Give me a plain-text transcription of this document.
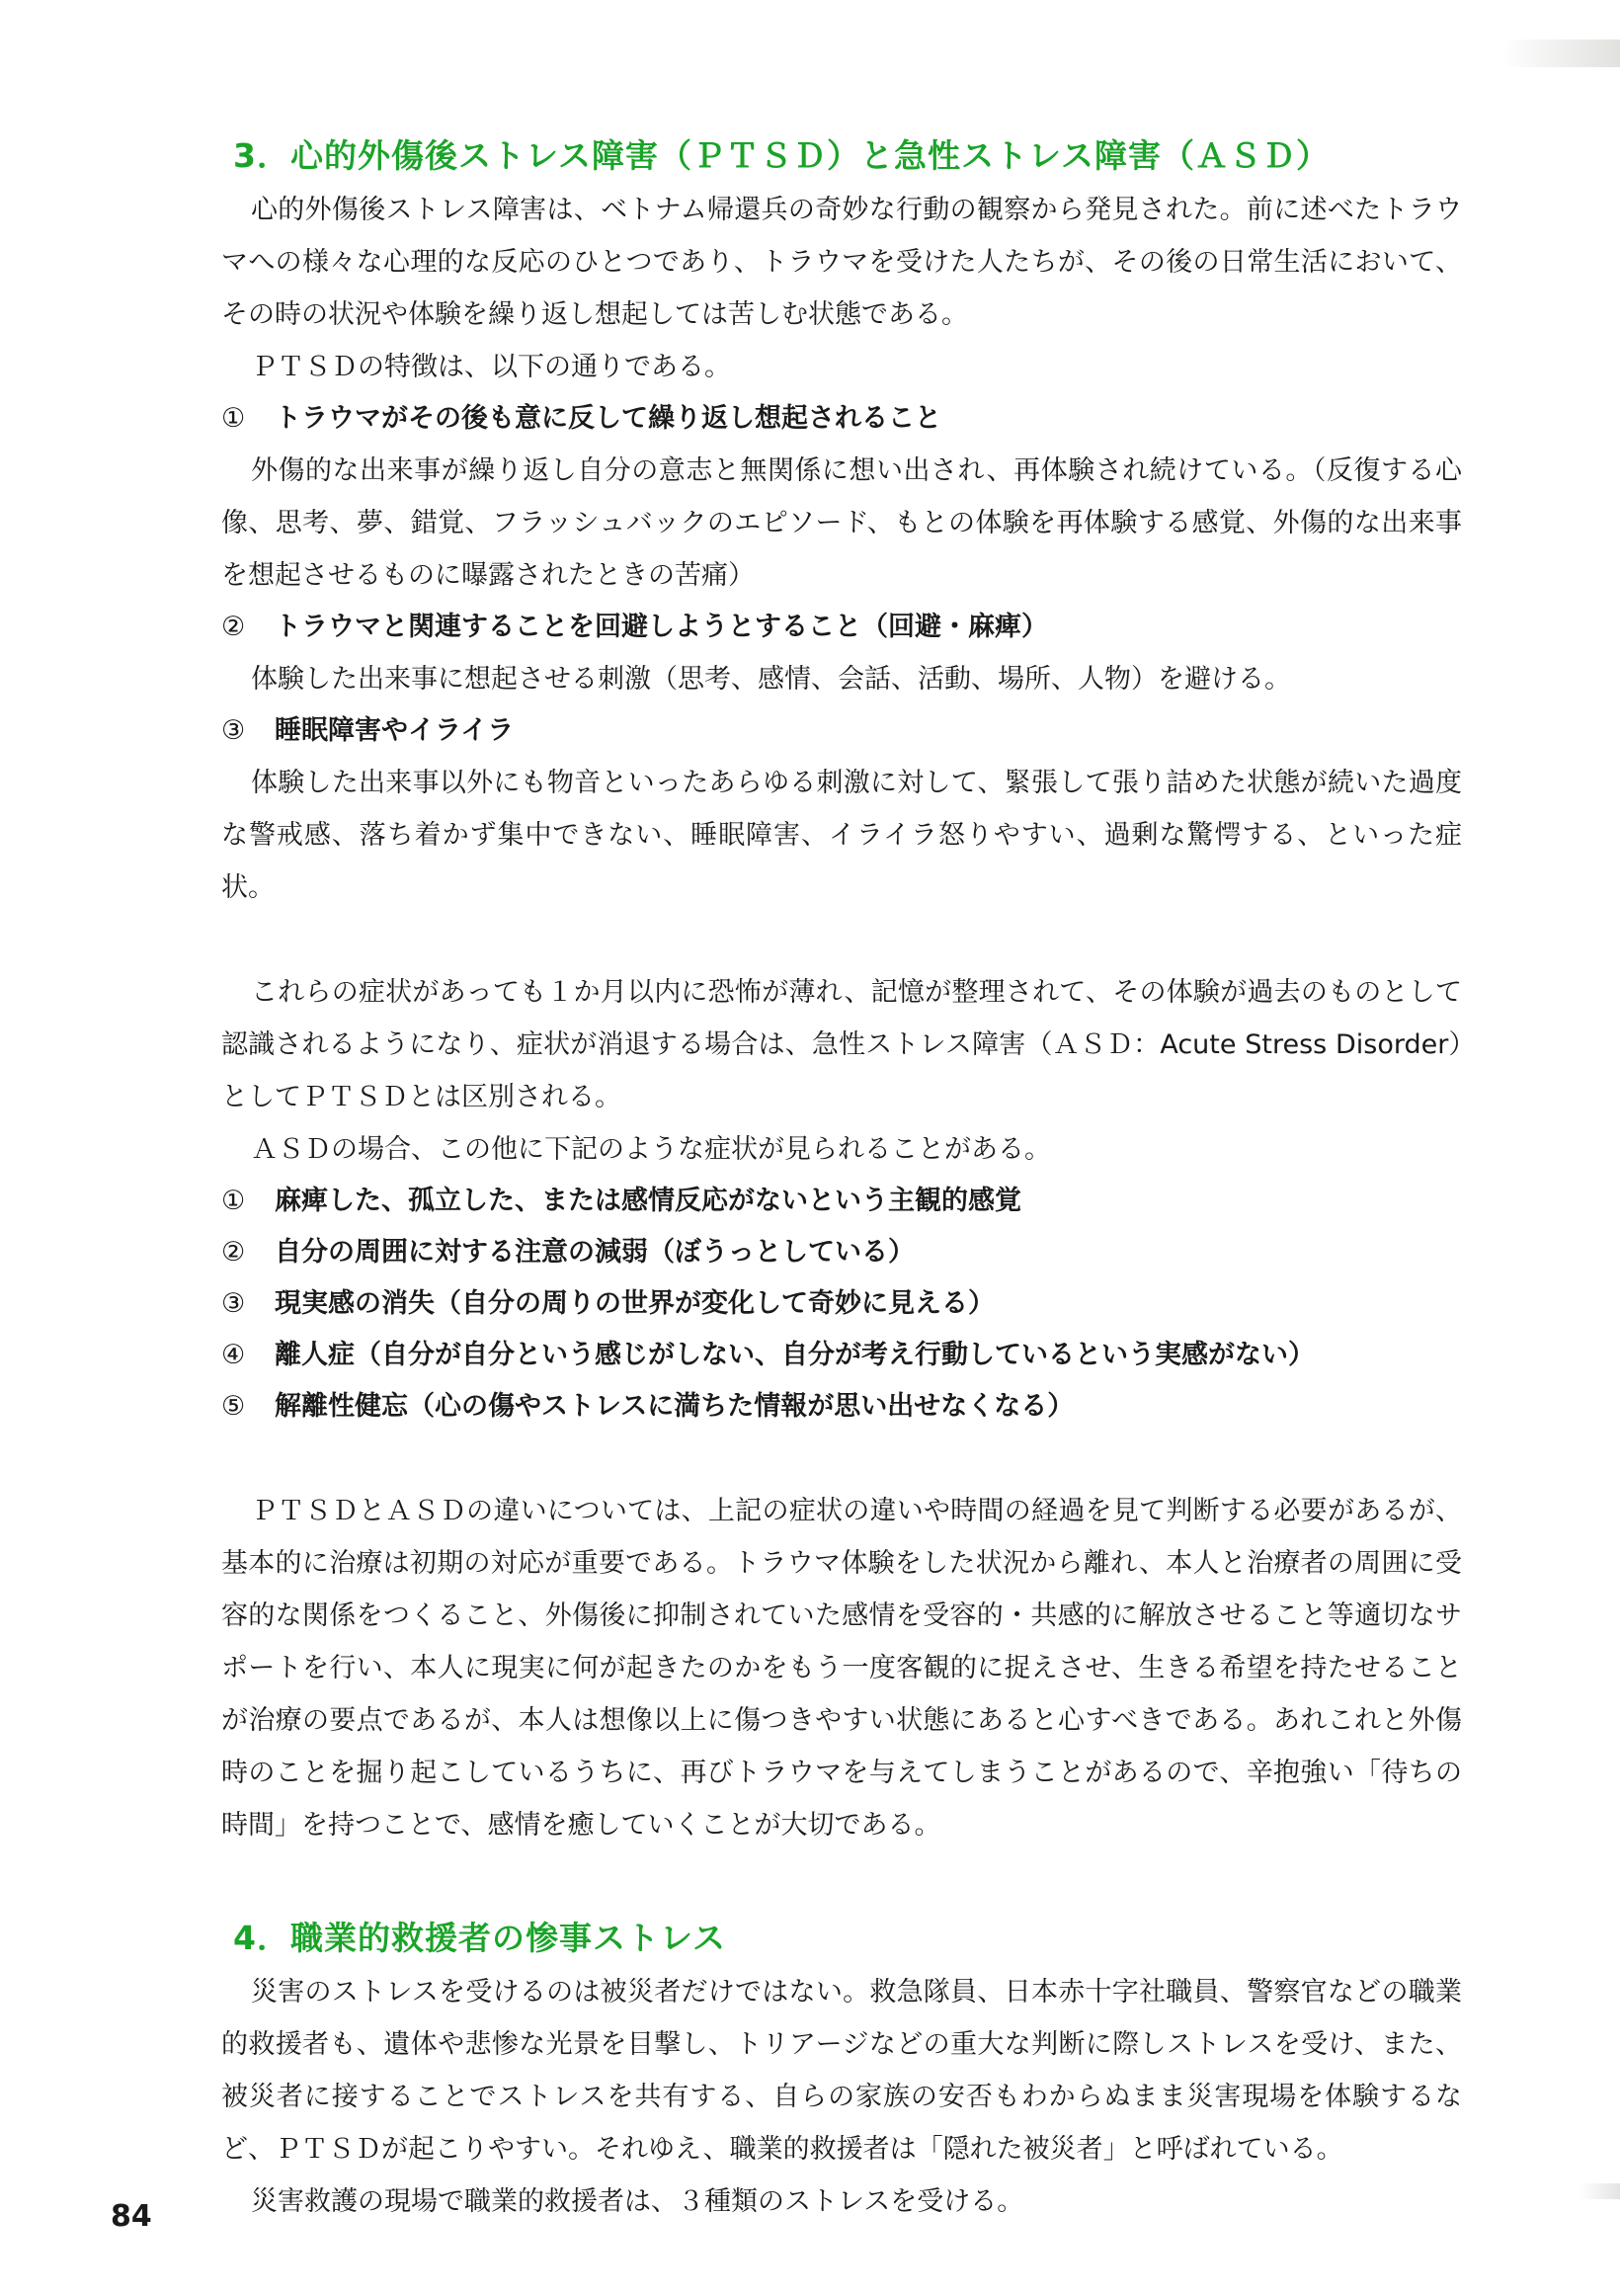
3．心的外傷後ストレス障害（ＰＴＳＤ）と急性ストレス障害（ＡＳＤ）

心的外傷後ストレス障害は、ベトナム帰還兵の奇妙な行動の観察から発見された。前に述べたトラウマへの様々な心理的な反応のひとつであり、トラウマを受けた人たちが、その後の日常生活において、その時の状況や体験を繰り返し想起しては苦しむ状態である。

ＰＴＳＤの特徴は、以下の通りである。

① トラウマがその後も意に反して繰り返し想起されること

外傷的な出来事が繰り返し自分の意志と無関係に想い出され、再体験され続けている。（反復する心像、思考、夢、錯覚、フラッシュバックのエピソード、もとの体験を再体験する感覚、外傷的な出来事を想起させるものに曝露されたときの苦痛）

② トラウマと関連することを回避しようとすること（回避・麻痺）

体験した出来事に想起させる刺激（思考、感情、会話、活動、場所、人物）を避ける。

③ 睡眠障害やイライラ

体験した出来事以外にも物音といったあらゆる刺激に対して、緊張して張り詰めた状態が続いた過度な警戒感、落ち着かず集中できない、睡眠障害、イライラ怒りやすい、過剰な驚愕する、といった症状。

これらの症状があっても１か月以内に恐怖が薄れ、記憶が整理されて、その体験が過去のものとして認識されるようになり、症状が消退する場合は、急性ストレス障害（ＡＳＤ：Acute Stress Disorder）としてＰＴＳＤとは区別される。

ＡＳＤの場合、この他に下記のような症状が見られることがある。

① 麻痺した、孤立した、または感情反応がないという主観的感覚
② 自分の周囲に対する注意の減弱（ぼうっとしている）
③ 現実感の消失（自分の周りの世界が変化して奇妙に見える）
④ 離人症（自分が自分という感じがしない、自分が考え行動しているという実感がない）
⑤ 解離性健忘（心の傷やストレスに満ちた情報が思い出せなくなる）

ＰＴＳＤとＡＳＤの違いについては、上記の症状の違いや時間の経過を見て判断する必要があるが、基本的に治療は初期の対応が重要である。トラウマ体験をした状況から離れ、本人と治療者の周囲に受容的な関係をつくること、外傷後に抑制されていた感情を受容的・共感的に解放させること等適切なサポートを行い、本人に現実に何が起きたのかをもう一度客観的に捉えさせ、生きる希望を持たせることが治療の要点であるが、本人は想像以上に傷つきやすい状態にあると心すべきである。あれこれと外傷時のことを掘り起こしているうちに、再びトラウマを与えてしまうことがあるので、辛抱強い「待ちの時間」を持つことで、感情を癒していくことが大切である。

4．職業的救援者の惨事ストレス

災害のストレスを受けるのは被災者だけではない。救急隊員、日本赤十字社職員、警察官などの職業的救援者も、遺体や悲惨な光景を目撃し、トリアージなどの重大な判断に際しストレスを受け、また、被災者に接することでストレスを共有する、自らの家族の安否もわからぬまま災害現場を体験するなど、ＰＴＳＤが起こりやすい。それゆえ、職業的救援者は「隠れた被災者」と呼ばれている。

災害救護の現場で職業的救援者は、３種類のストレスを受ける。

84
